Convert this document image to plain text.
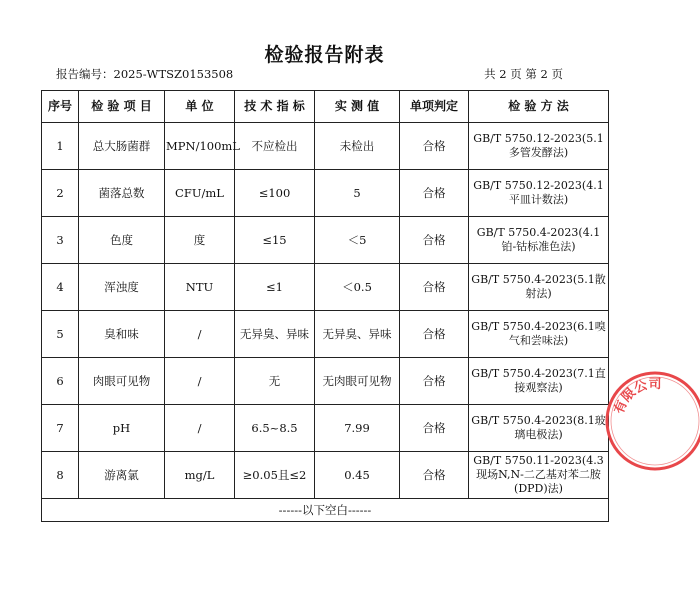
检验报告附表
报告编号：2025-WTSZ0153508	共 2 页 第 2 页
序号	检 验 项 目	单 位	技 术 指 标	实 测 值	单项判定	检 验 方 法
1	总大肠菌群	MPN/100mL	不应检出	未检出	合格	GB/T 5750.12-2023(5.1多管发酵法)
2	菌落总数	CFU/mL	≤100	5	合格	GB/T 5750.12-2023(4.1平皿计数法)
3	色度	度	≤15	＜5	合格	GB/T 5750.4-2023(4.1铂-钴标准色法)
4	浑浊度	NTU	≤1	＜0.5	合格	GB/T 5750.4-2023(5.1散射法)
5	臭和味	/	无异臭、异味	无异臭、异味	合格	GB/T 5750.4-2023(6.1嗅气和尝味法)
6	肉眼可见物	/	无	无肉眼可见物	合格	GB/T 5750.4-2023(7.1直接观察法)
7	pH	/	6.5~8.5	7.99	合格	GB/T 5750.4-2023(8.1玻璃电极法)
8	游离氯	mg/L	≥0.05且≤2	0.45	合格	GB/T 5750.11-2023(4.3现场N,N-二乙基对苯二胺(DPD)法)
------以下空白------						
有限公司
